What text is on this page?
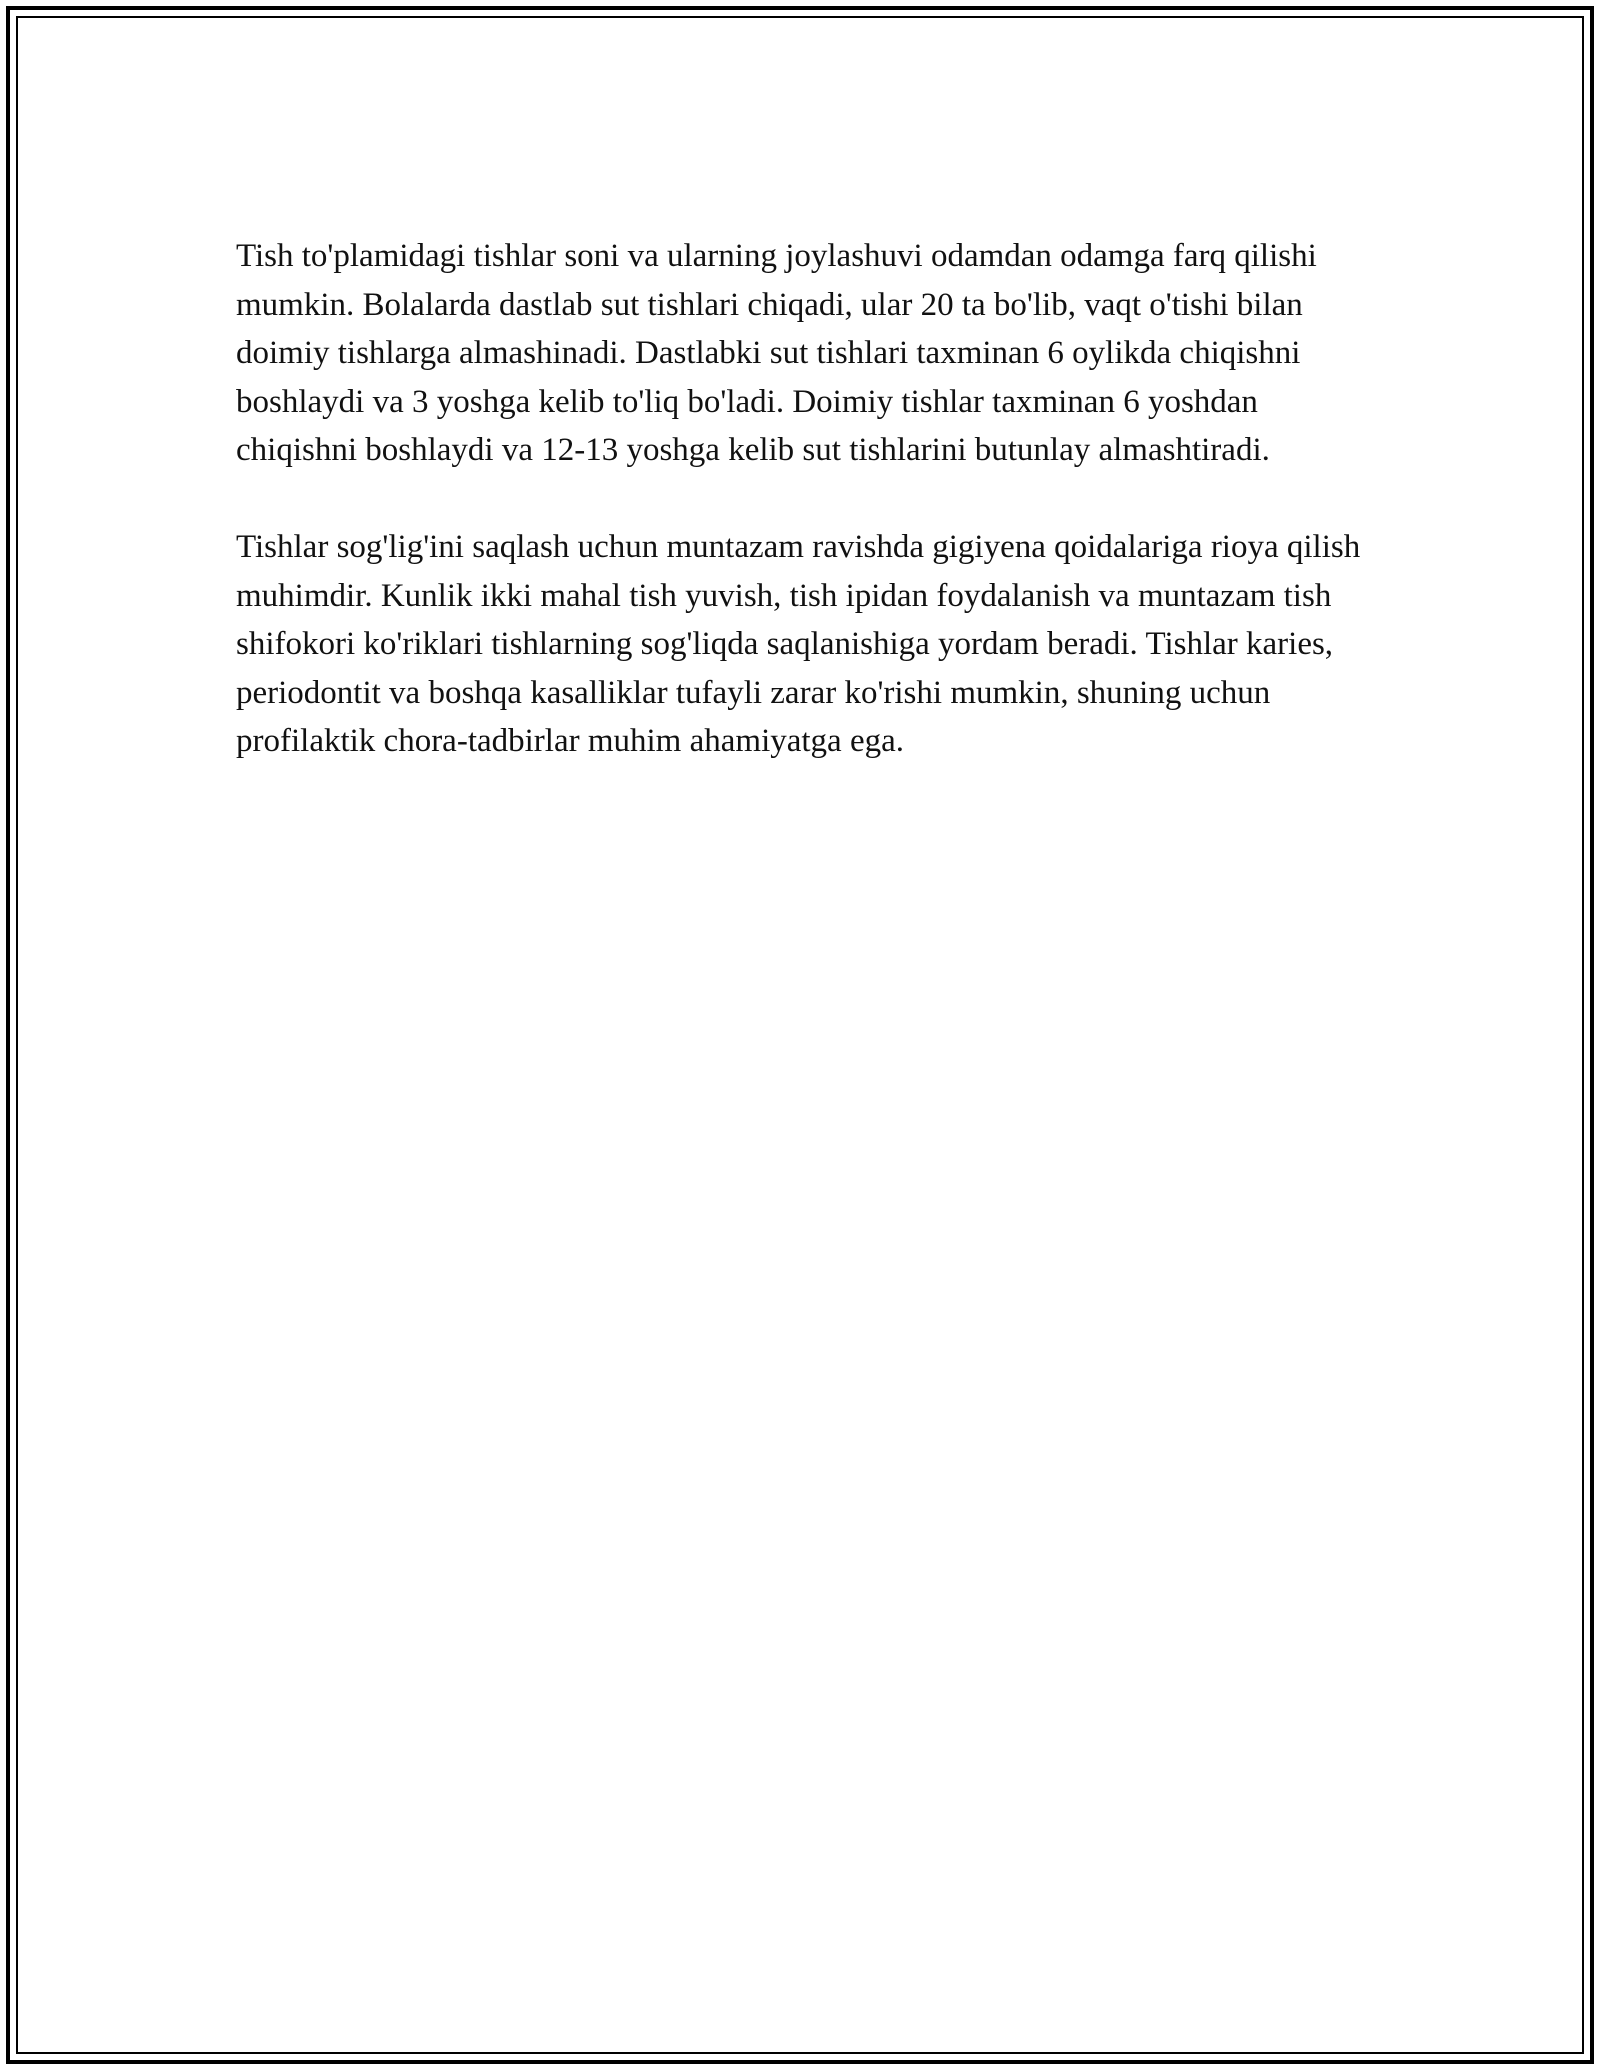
Tish to'plamidagi tishlar soni va ularning joylashuvi odamdan odamga farq qilishi mumkin. Bolalarda dastlab sut tishlari chiqadi, ular 20 ta bo'lib, vaqt o'tishi bilan doimiy tishlarga almashinadi. Dastlabki sut tishlari taxminan 6 oylikda chiqishni boshlaydi va 3 yoshga kelib to'liq bo'ladi. Doimiy tishlar taxminan 6 yoshdan chiqishni boshlaydi va 12-13 yoshga kelib sut tishlarini butunlay almashtiradi.

Tishlar sog'lig'ini saqlash uchun muntazam ravishda gigiyena qoidalariga rioya qilish muhimdir. Kunlik ikki mahal tish yuvish, tish ipidan foydalanish va muntazam tish shifokori ko'riklari tishlarning sog'liqda saqlanishiga yordam beradi. Tishlar karies, periodontit va boshqa kasalliklar tufayli zarar ko'rishi mumkin, shuning uchun profilaktik chora-tadbirlar muhim ahamiyatga ega.
